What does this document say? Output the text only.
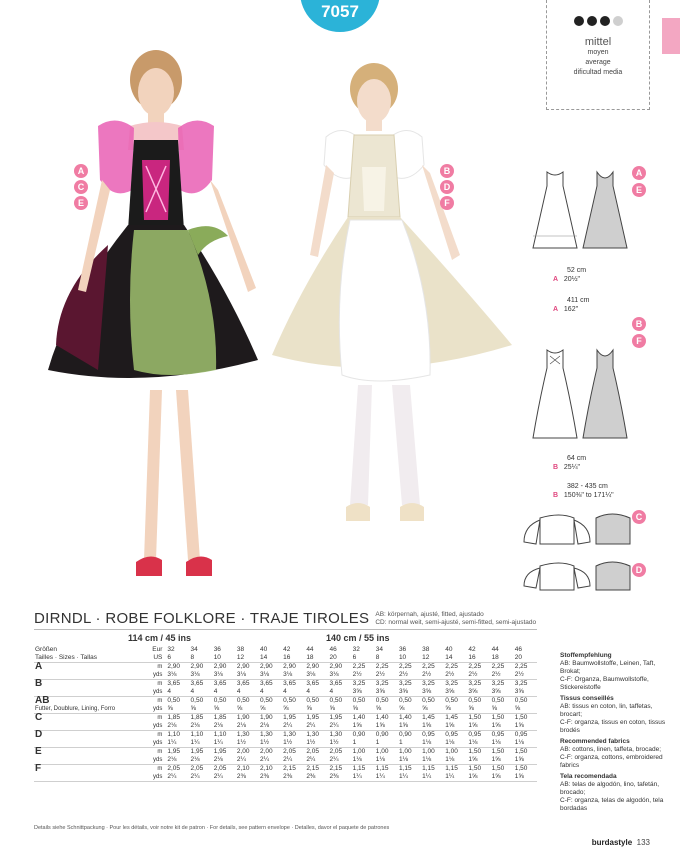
7057
mittel
moyen
average
dificultad media
A
C
E
B
D
F
A
E
52 cm
A 20½"
411 cm
A 162"
B
F
64 cm
B 25¼"
382 - 435 cm
B 150⅜" to 171¼"
C
D
DIRNDL · ROBE FOLKLORE · TRAJE TIROLES AB: körpernah, ajusté, fitted, ajustado
CD: normal weit, semi-ajusté, semi-fitted, semi-ajustado
114 cm / 45 ins	140 cm / 55 ins
Größen	Eur	32	34	36	38	40	42	44	46	32	34	36	38	40	42	44	46
Tailles · Sizes · Tallas	US	6	8	10	12	14	16	18	20	6	8	10	12	14	16	18	20
A	m	2,90	2,90	2,90	2,90	2,90	2,90	2,90	2,90	2,25	2,25	2,25	2,25	2,25	2,25	2,25	2,25
	yds	3⅛	3⅛	3⅛	3⅛	3⅛	3⅛	3⅛	3⅛	2½	2½	2½	2½	2½	2½	2½	2½
B	m	3,65	3,65	3,65	3,65	3,65	3,65	3,65	3,65	3,25	3,25	3,25	3,25	3,25	3,25	3,25	3,25
	yds	4	4	4	4	4	4	4	4	3⅝	3⅝	3⅝	3⅝	3⅝	3⅝	3⅝	3⅝
AB	m	0,50	0,50	0,50	0,50	0,50	0,50	0,50	0,50	0,50	0,50	0,50	0,50	0,50	0,50	0,50	0,50
Futter, Doublure, Lining, Forro	yds	⅝	⅝	⅝	⅝	⅝	⅝	⅝	⅝	⅝	⅝	⅝	⅝	⅝	⅝	⅝	⅝
C	m	1,85	1,85	1,85	1,90	1,90	1,95	1,95	1,95	1,40	1,40	1,40	1,45	1,45	1,50	1,50	1,50
	yds	2⅛	2⅛	2⅛	2⅛	2⅛	2¼	2¼	2¼	1⅝	1⅝	1⅝	1⅝	1⅝	1⅝	1⅝	1⅝
D	m	1,10	1,10	1,10	1,30	1,30	1,30	1,30	1,30	0,90	0,90	0,90	0,95	0,95	0,95	0,95	0,95
	yds	1¼	1¼	1¼	1½	1½	1½	1½	1½	1	1	1	1⅛	1⅛	1⅛	1⅛	1⅛
E	m	1,95	1,95	1,95	2,00	2,00	2,05	2,05	2,05	1,00	1,00	1,00	1,00	1,00	1,50	1,50	1,50
	yds	2⅛	2⅛	2⅛	2¼	2¼	2¼	2¼	2¼	1⅛	1⅛	1⅛	1⅛	1⅛	1⅝	1⅝	1⅝
F	m	2,05	2,05	2,05	2,10	2,10	2,15	2,15	2,15	1,15	1,15	1,15	1,15	1,15	1,50	1,50	1,50
	yds	2¼	2¼	2¼	2⅜	2⅜	2⅜	2⅜	2⅜	1¼	1¼	1¼	1¼	1¼	1⅝	1⅝	1⅝
Stoffempfehlung
AB: Baumwollstoffe, Leinen, Taft, Brokat;
C-F: Organza, Baumwollstoffe, Stickereistoffe
Tissus conseillés
AB: tissus en coton, lin, taffetas, brocart;
C-F: organza, tissus en coton, tissus brodés
Recommended fabrics
AB: cottons, linen, taffeta, brocade;
C-F: organza, cottons, embroidered fabrics
Tela recomendada
AB: telas de algodón, lino, tafetán, brocado;
C-F: organza, telas de algodón, tela bordadas
Details siehe Schnittpackung · Pour les détails, voir notre kit de patron · For details, see pattern envelope · Detalles, davor el paquete de patrones
burdastyle 133
